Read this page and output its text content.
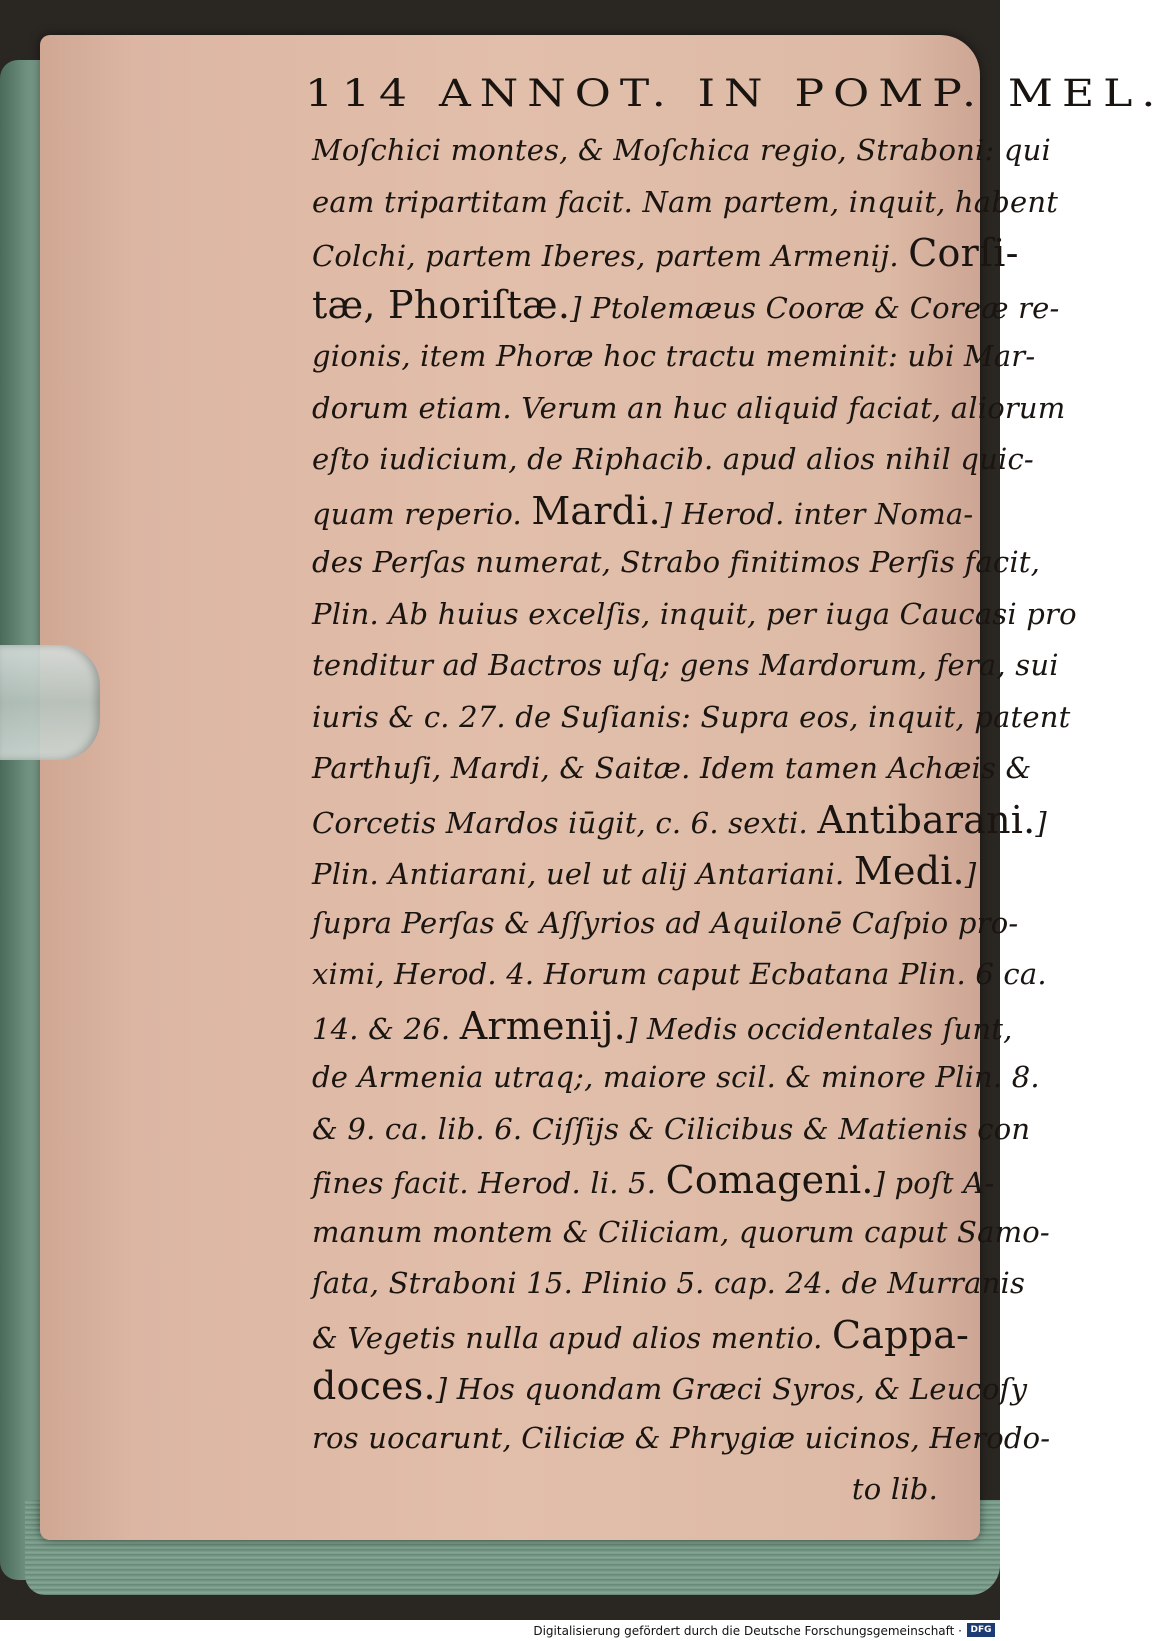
114 ANNOT. IN POMP. MEL.
Moſchici montes, & Moſchica regio, Straboni: qui
eam tripartitam facit. Nam partem, inquit, habent
Colchi, partem Iberes, partem Armenij. Corſi-
tæ, Phoriſtæ.] Ptolemæus Cooræ & Coreæ re-
gionis, item Phoræ hoc tractu meminit: ubi Mar-
dorum etiam. Verum an huc aliquid faciat, aliorum
eſto iudicium, de Riphacib. apud alios nihil quic-
quam reperio. Mardi.] Herod. inter Noma-
des Perſas numerat, Strabo finitimos Perſis facit,
Plin. Ab huius excelſis, inquit, per iuga Caucasi pro
tenditur ad Bactros uſq; gens Mardorum, fera, sui
iuris & c. 27. de Suſianis: Supra eos, inquit, patent
Parthuſi, Mardi, & Saitæ. Idem tamen Achæis &
Corcetis Mardos iūgit, c. 6. sexti. Antibarani.]
Plin. Antiarani, uel ut alij Antariani. Medi.]
ſupra Perſas & Aſſyrios ad Aquilonē Caſpio pro-
ximi, Herod. 4. Horum caput Ecbatana Plin. 6 ca.
14. & 26. Armenij.] Medis occidentales ſunt,
de Armenia utraq;, maiore scil. & minore Plin. 8.
& 9. ca. lib. 6. Ciſſijs & Cilicibus & Matienis con
fines facit. Herod. li. 5. Comageni.] poſt A-
manum montem & Ciliciam, quorum caput Samo-
ſata, Straboni 15. Plinio 5. cap. 24. de Murranis
& Vegetis nulla apud alios mentio. Cappa-
doces.] Hos quondam Græci Syros, & Leucoſy
ros uocarunt, Ciliciæ & Phrygiæ uicinos, Herodo-
to lib.
Digitalisierung gefördert durch die Deutsche Forschungsgemeinschaft · DFG
